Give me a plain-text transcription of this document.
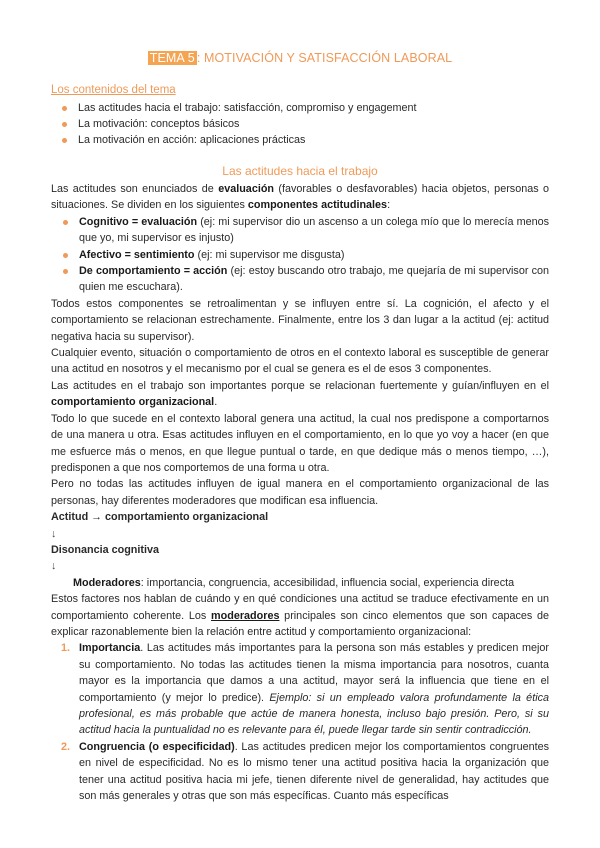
TEMA 5 : MOTIVACIÓN Y SATISFACCIÓN LABORAL
Los contenidos del tema
Las actitudes hacia el trabajo: satisfacción, compromiso y engagement
La motivación: conceptos básicos
La motivación en acción: aplicaciones prácticas
Las actitudes hacia el trabajo

Las actitudes son enunciados de evaluación (favorables o desfavorables) hacia objetos, personas o situaciones. Se dividen en los siguientes componentes actitudinales:

Cognitivo = evaluación (ej: mi supervisor dio un ascenso a un colega mío que lo merecía menos que yo, mi supervisor es injusto)
Afectivo = sentimiento (ej: mi supervisor me disgusta)
De comportamiento = acción (ej: estoy buscando otro trabajo, me quejaría de mi supervisor con quien me escuchara).

Todos estos componentes se retroalimentan y se influyen entre sí. La cognición, el afecto y el comportamiento se relacionan estrechamente. Finalmente, entre los 3 dan lugar a la actitud (ej: actitud negativa hacia su supervisor).

Cualquier evento, situación o comportamiento de otros en el contexto laboral es susceptible de generar una actitud en nosotros y el mecanismo por el cual se genera es el de esos 3 componentes.

Las actitudes en el trabajo son importantes porque se relacionan fuertemente y guían/influyen en el comportamiento organizacional.

Todo lo que sucede en el contexto laboral genera una actitud, la cual nos predispone a comportarnos de una manera u otra. Esas actitudes influyen en el comportamiento, en lo que yo voy a hacer (en que me esfuerce más o menos, en que llegue puntual o tarde, en que dedique más o menos tiempo, …), predisponen a que nos comportemos de una forma u otra.

Pero no todas las actitudes influyen de igual manera en el comportamiento organizacional de las personas, hay diferentes moderadores que modifican esa influencia.

Actitud → comportamiento organizacional

↓

Disonancia cognitiva

↓

Moderadores: importancia, congruencia, accesibilidad, influencia social, experiencia directa

Estos factores nos hablan de cuándo y en qué condiciones una actitud se traduce efectivamente en un comportamiento coherente. Los moderadores principales son cinco elementos que son capaces de explicar razonablemente bien la relación entre actitud y comportamiento organizacional:

1. Importancia. Las actitudes más importantes para la persona son más estables y predicen mejor su comportamiento. No todas las actitudes tienen la misma importancia para nosotros, cuanta mayor es la importancia que damos a una actitud, mayor será la influencia que tiene en el comportamiento (y mejor lo predice). Ejemplo: si un empleado valora profundamente la ética profesional, es más probable que actúe de manera honesta, incluso bajo presión. Pero, si su actitud hacia la puntualidad no es relevante para él, puede llegar tarde sin sentir contradicción.
2. Congruencia (o especificidad). Las actitudes predicen mejor los comportamientos congruentes en nivel de especificidad. No es lo mismo tener una actitud positiva hacia la organización que tener una actitud positiva hacia mi jefe, tienen diferente nivel de generalidad, hay actitudes que son más generales y otras que son más específicas. Cuanto más específicas
